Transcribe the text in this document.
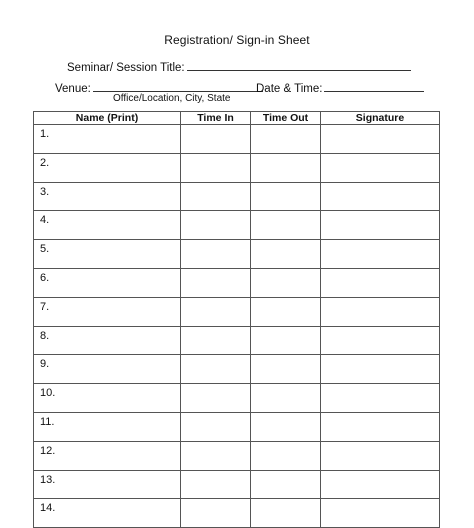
Registration/ Sign-in Sheet
Seminar/ Session Title:
Venue:	Date & Time:
Office/Location, City, State
Name (Print)	Time In	Time Out	Signature
1.			
2.			
3.			
4.			
5.			
6.			
7.			
8.			
9.			
10.			
11.			
12.			
13.			
14.			
